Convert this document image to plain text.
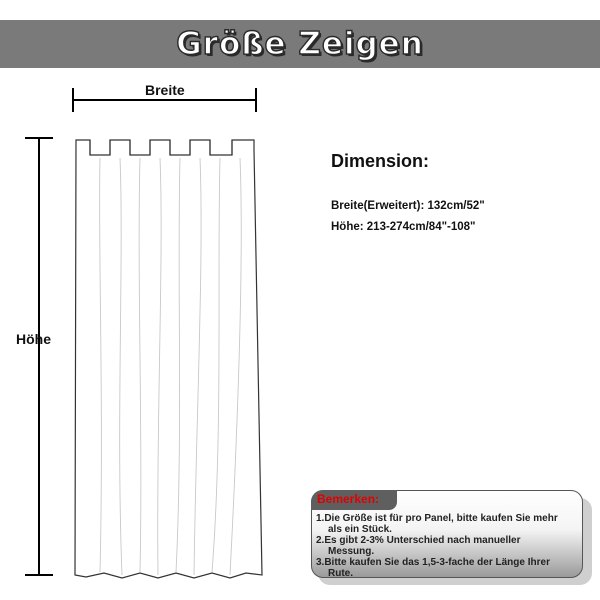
Größe Zeigen
Breite
Höhe
Dimension:
Breite(Erweitert): 132cm/52"
Höhe: 213-274cm/84"-108"
Bemerken:
1.Die Größe ist für pro Panel, bitte kaufen Sie mehr
als ein Stück.
2.Es gibt 2-3% Unterschied nach manueller
Messung.
3.Bitte kaufen Sie das 1,5-3-fache der Länge Ihrer
Rute.
